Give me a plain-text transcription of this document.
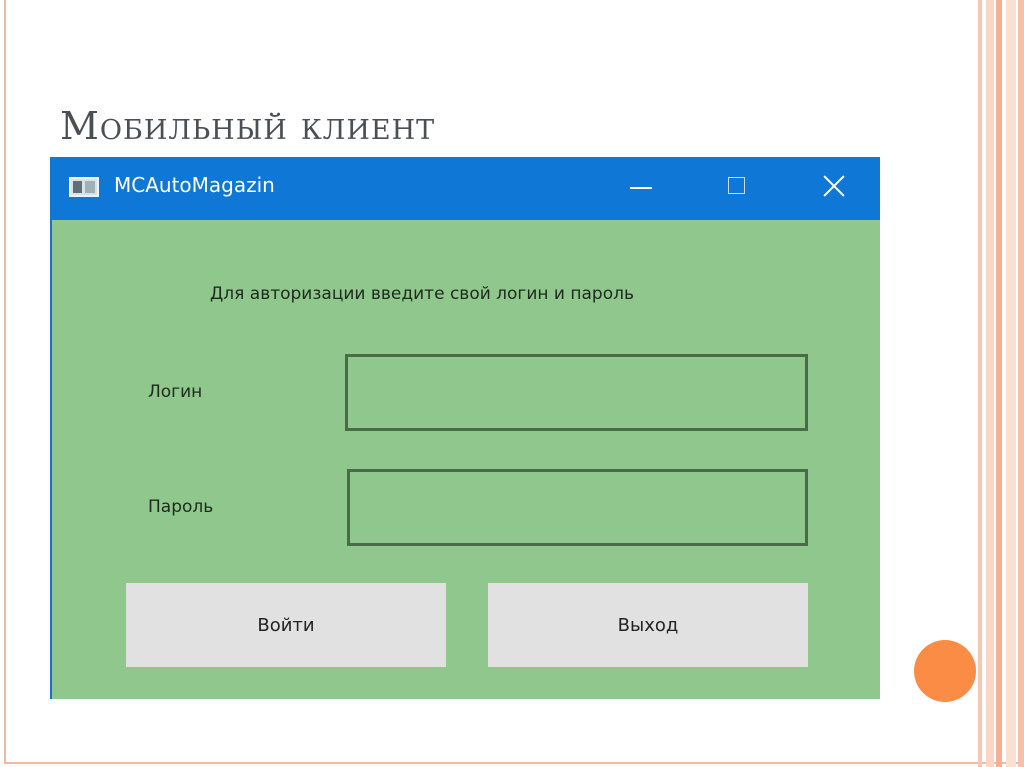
Мобильный клиент
MCAutoMagazin
Для авторизации введите свой логин и пароль
Логин
Пароль
Войти	Выход
